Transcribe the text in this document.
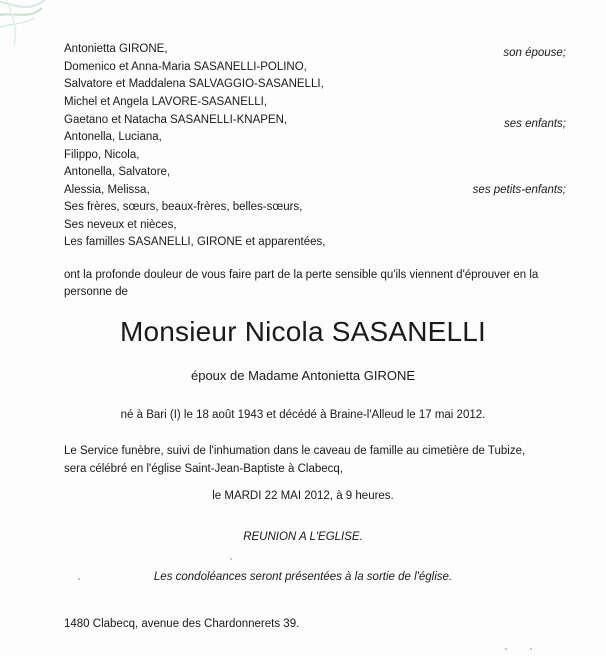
Antonietta GIRONE,
Domenico et Anna-Maria SASANELLI-POLINO,
Salvatore et Maddalena SALVAGGIO-SASANELLI,
Michel et Angela LAVORE-SASANELLI,
Gaetano et Natacha SASANELLI-KNAPEN,
Antonella, Luciana,
Filippo, Nicola,
Antonella, Salvatore,
Alessia, Melissa,
Ses frères, sœurs, beaux-frères, belles-sœurs,
Ses neveux et nièces,
Les familles SASANELLI, GIRONE et apparentées,
son épouse;
ses enfants;
ses petits-enfants;
ont la profonde douleur de vous faire part de la perte sensible qu'ils viennent d'éprouver en la
personne de
Monsieur Nicola SASANELLI
époux de Madame Antonietta GIRONE
né à Bari (I) le 18 août 1943 et décédé à Braine-l'Alleud le 17 mai 2012.
Le Service funèbre, suivi de l'inhumation dans le caveau de famille au cimetière de Tubize,
sera célébré en l'église Saint-Jean-Baptiste à Clabecq,
le MARDI 22 MAI 2012, à 9 heures.
REUNION A L'EGLISE.
Les condoléances seront présentées à la sortie de l'église.
1480 Clabecq, avenue des Chardonnerets 39.
